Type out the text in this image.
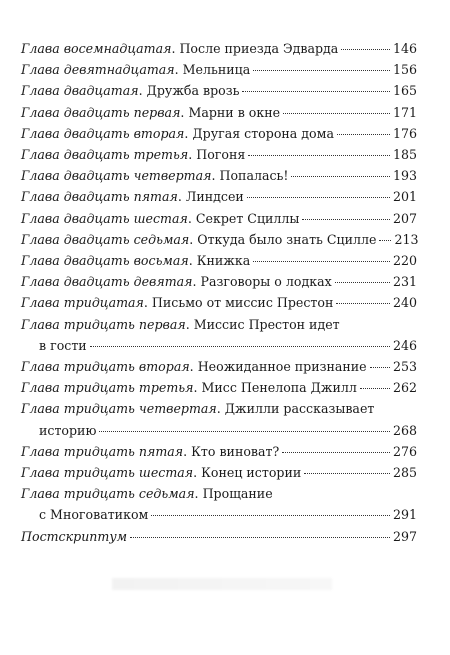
Глава восемнадцатая . После приезда Эдварда	146
Глава девятнадцатая . Мельница	156
Глава двадцатая . Дружба врозь	165
Глава двадцать первая . Марни в окне	171
Глава двадцать вторая . Другая сторона дома	176
Глава двадцать третья . Погоня	185
Глава двадцать четвертая . Попалась!	193
Глава двадцать пятая . Линдсеи	201
Глава двадцать шестая . Секрет Сциллы	207
Глава двадцать седьмая . Откуда было знать Сцилле 213
Глава двадцать восьмая . Книжка	220
Глава двадцать девятая . Разговоры о лодках	231
Глава тридцатая . Письмо от миссис Престон	240
Глава тридцать первая . Миссис Престон идет
в гости	246
Глава тридцать вторая . Неожиданное признание 253
Глава тридцать третья . Мисс Пенелопа Джилл	262
Глава тридцать четвертая . Джилли рассказывает
историю	268
Глава тридцать пятая . Кто виноват?	276
Глава тридцать шестая . Конец истории	285
Глава тридцать седьмая . Прощание
с Многоватиком	291
Постскриптум	297
